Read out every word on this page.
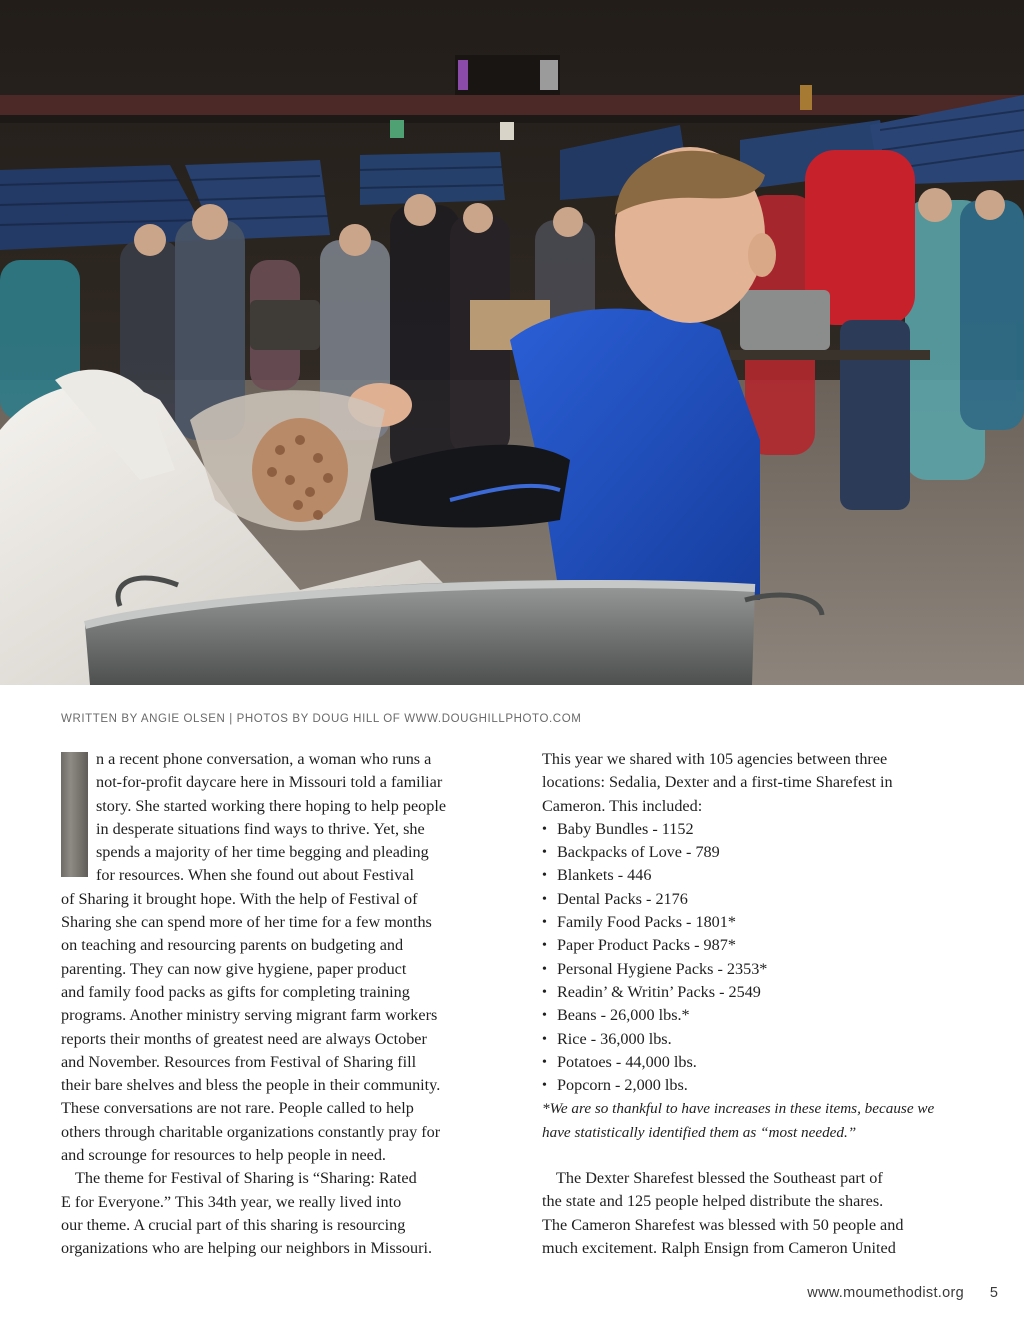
WRITTEN BY ANGIE OLSEN | PHOTOS BY DOUG HILL OF WWW.DOUGHILLPHOTO.COM
n a recent phone conversation, a woman who runs a
not-for-profit daycare here in Missouri told a familiar
story. She started working there hoping to help people
in desperate situations find ways to thrive. Yet, she
spends a majority of her time begging and pleading
for resources. When she found out about Festival
of Sharing it brought hope. With the help of Festival of
Sharing she can spend more of her time for a few months
on teaching and resourcing parents on budgeting and
parenting. They can now give hygiene, paper product
and family food packs as gifts for completing training
programs. Another ministry serving migrant farm workers
reports their months of greatest need are always October
and November. Resources from Festival of Sharing fill
their bare shelves and bless the people in their community.
These conversations are not rare. People called to help
others through charitable organizations constantly pray for
and scrounge for resources to help people in need.
The theme for Festival of Sharing is “Sharing: Rated
E for Everyone.” This 34th year, we really lived into
our theme. A crucial part of this sharing is resourcing
organizations who are helping our neighbors in Missouri.
This year we shared with 105 agencies between three
locations: Sedalia, Dexter and a first-time Sharefest in
Cameron. This included:
• Baby Bundles - 1152
• Backpacks of Love - 789
• Blankets - 446
• Dental Packs - 2176
• Family Food Packs - 1801*
• Paper Product Packs - 987*
• Personal Hygiene Packs - 2353*
• Readin’ & Writin’ Packs - 2549
• Beans - 26,000 lbs.*
• Rice - 36,000 lbs.
• Potatoes - 44,000 lbs.
• Popcorn - 2,000 lbs.
*We are so thankful to have increases in these items, because we
have statistically identified them as “most needed.”
The Dexter Sharefest blessed the Southeast part of
the state and 125 people helped distribute the shares.
The Cameron Sharefest was blessed with 50 people and
much excitement. Ralph Ensign from Cameron United
www.moumethodist.org 5
